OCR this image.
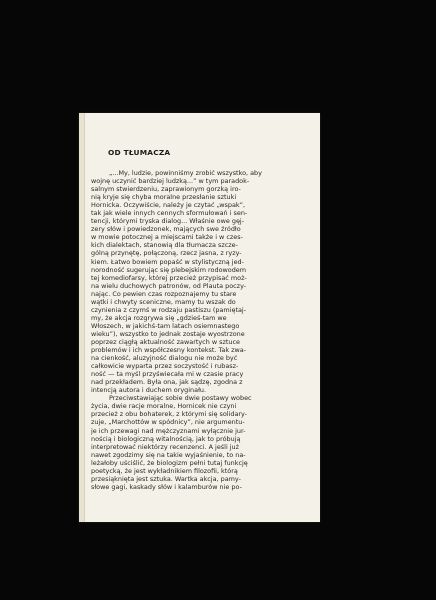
OD TŁUMACZA
„...My, ludzie, powinniśmy zrobić wszystko, aby
wojnę uczynić bardziej ludzką...” w tym paradok-
salnym stwierdzeniu, zaprawionym gorzką iro-
nią kryje się chyba moralne przesłanie sztuki
Hornicka. Oczywiście, należy je czytać „wspak”,
tak jak wiele innych cennych sformułowań i sen-
tencji, którymi tryska dialog... Właśnie owe gęj-
zery słów i powiedzonek, mających swe źródło
w mowie potocznej a miejscami także i w czes-
kich dialektach, stanowią dla tłumacza szcze-
gólną przynętę, połączoną, rzecz jasna, z ryzy-
kiem. Łatwo bowiem popaść w stylistyczną jed-
norodność sugerując się plebejskim rodowodem
tej komediofarsy, której przecież przypisać moż-
na wielu duchowych patronów, od Plauta poczy-
nając. Co pewien czas rozpoznajemy tu stare
wątki i chwyty sceniczne, mamy tu wszak do
czynienia z czymś w rodzaju pastiszu (pamiętaj-
my, że akcja rozgrywa się „gdzieś-tam we
Włoszech, w jakichś-tam latach osiemnastego
wieku”), wszystko to jednak zostaje wyostrzone
poprzez ciągłą aktualność zawartych w sztuce
problemów i ich współczesny kontekst. Tak zwa-
na cienkość, aluzyjność dialogu nie może być
całkowicie wyparta przez soczystość i rubasz-
ność — ta myśl przyświecała mi w czasie pracy
nad przekładem. Była ona, jak sądzę, zgodna z
intencją autora i duchem oryginału.
Przeciwstawiając sobie dwie postawy wobec
życia, dwie racje moralne, Hornicek nie czyni
przecież z obu bohaterek, z którymi się solidary-
zuje, „Marchottów w spódnicy”, nie argumentu-
je ich przewagi nad mężczyznami wyłącznie jur-
nością i biologiczną witalnością, jak to próbują
interpretować niektórzy recenzenci. A jeśli już
nawet zgodzimy się na takie wyjaśnienie, to na-
leżałoby uściślić, że biologizm pełni tutaj funkcję
poetycką, że jest wykładnikiem filozofii, którą
przesiąknięta jest sztuka. Wartka akcja, pamy-
słowe gagi, kaskady słów i kalamburów nie po-
